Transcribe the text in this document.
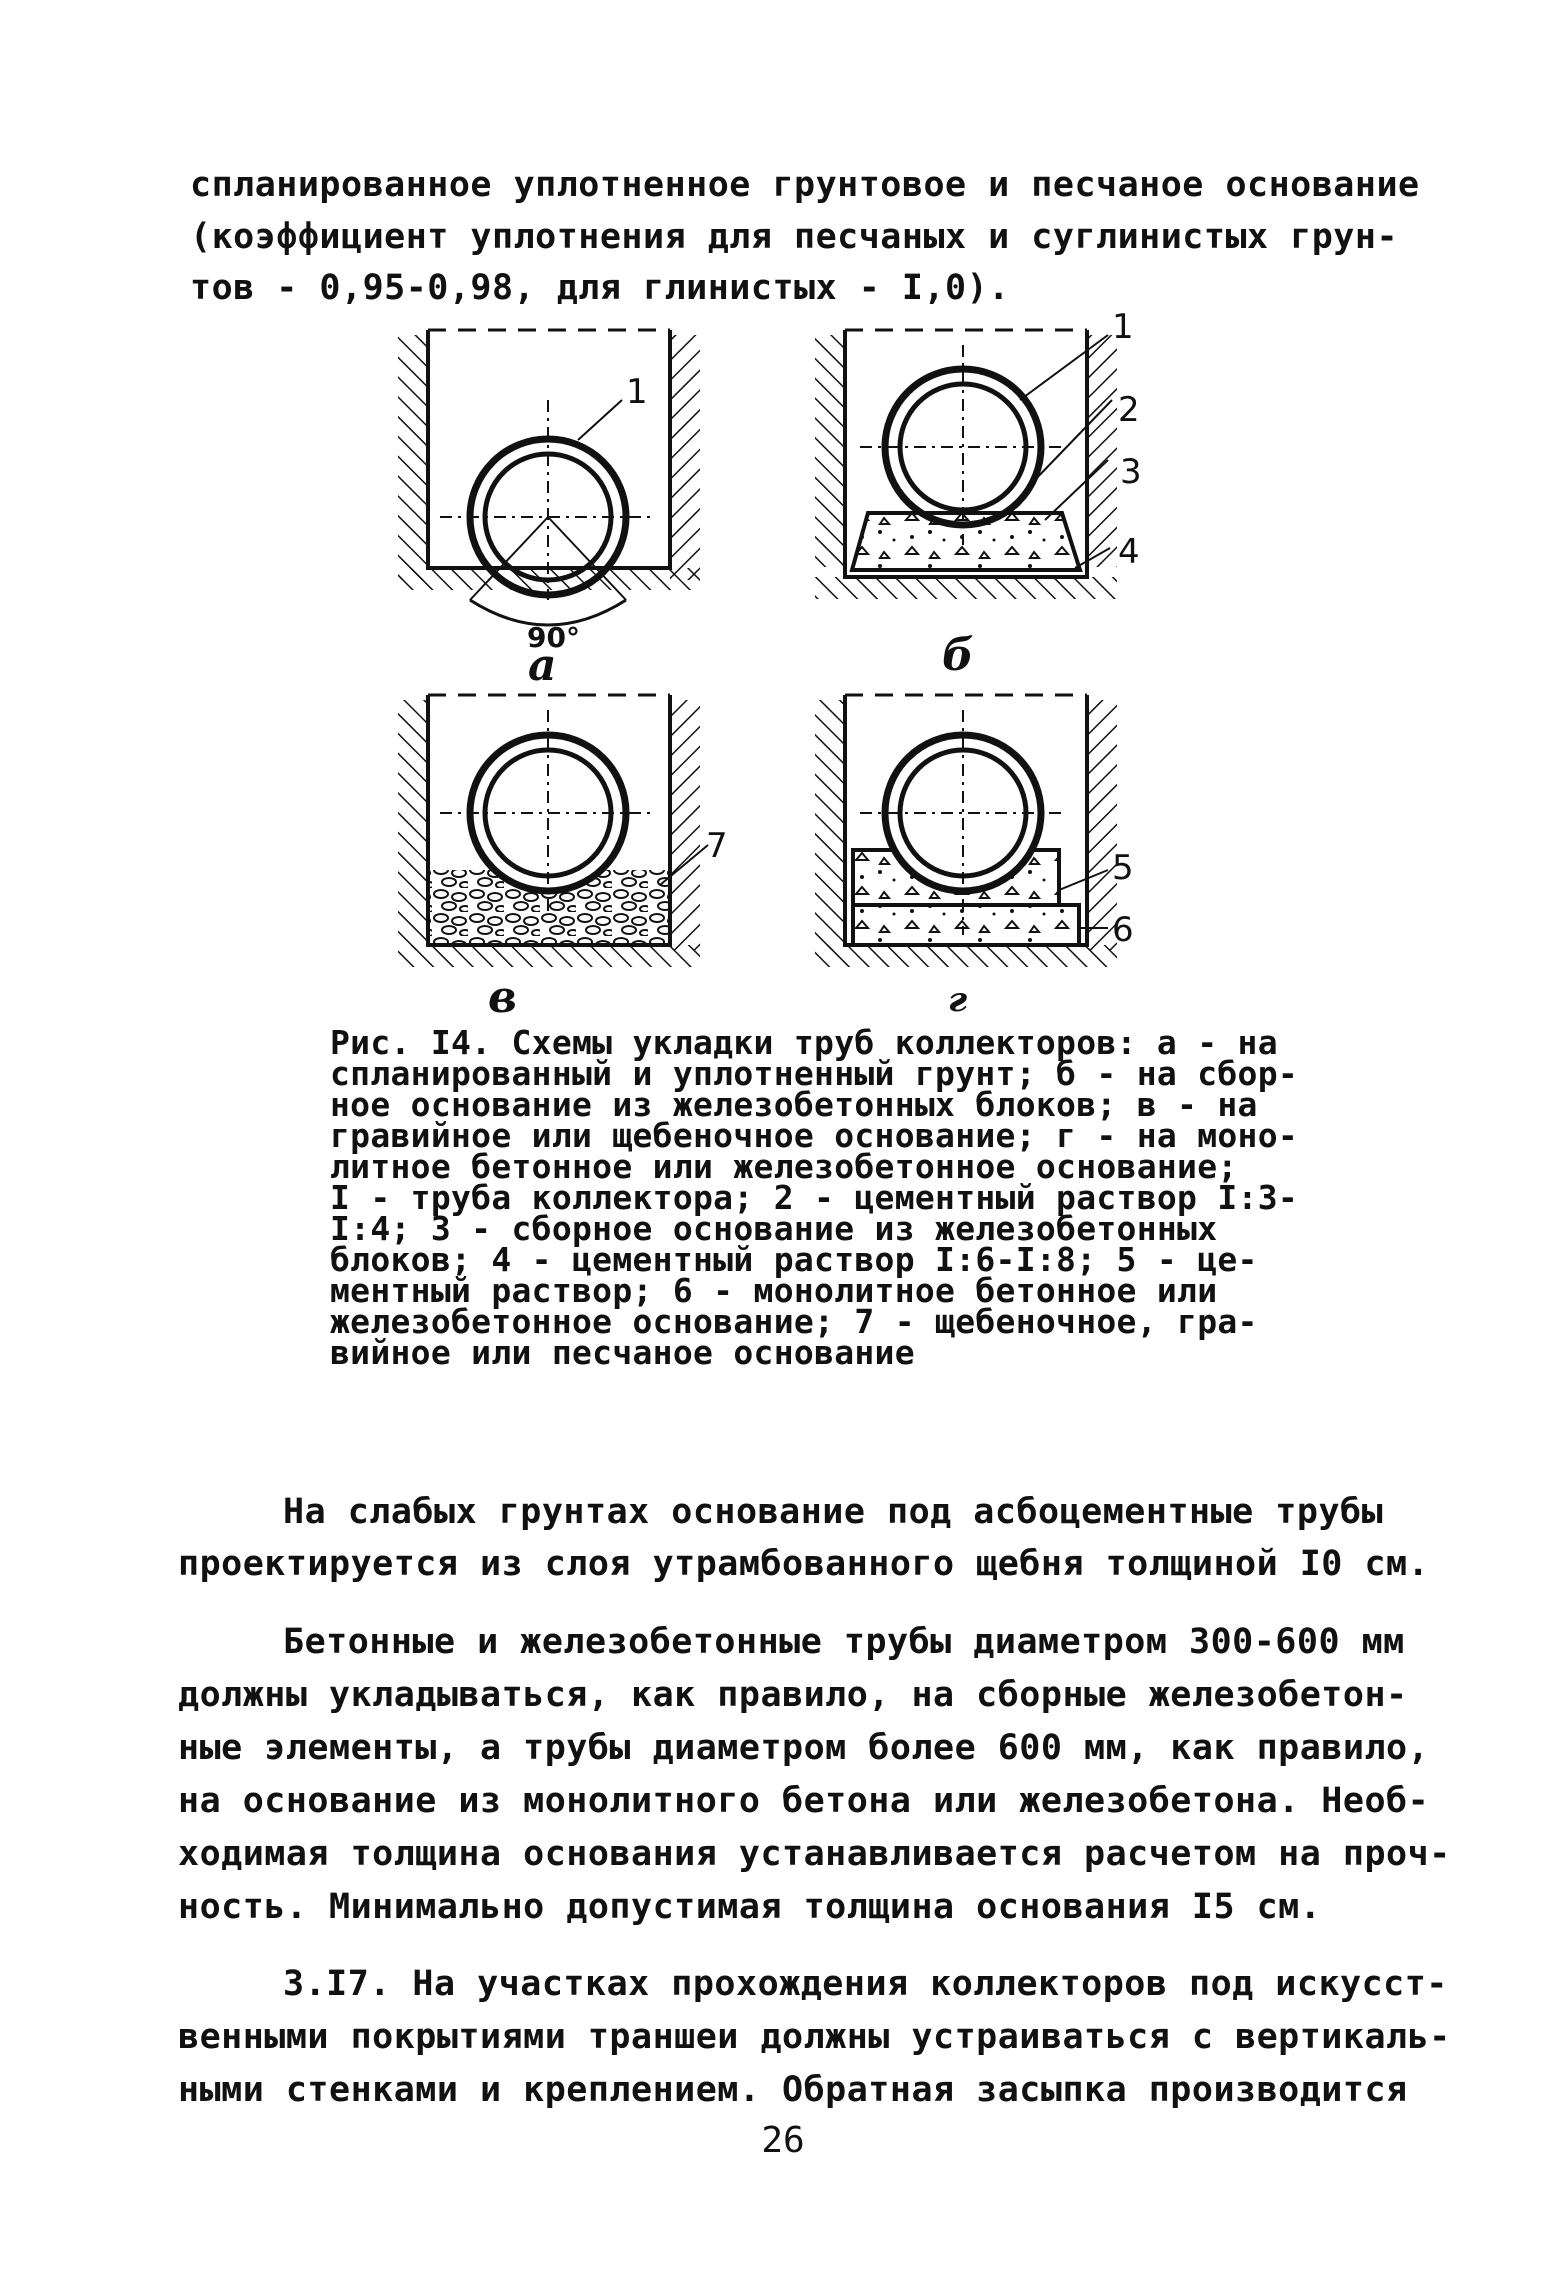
спланированное уплотненное грунтовое и песчаное основание
(коэффициент уплотнения для песчаных и суглинистых грун-
тов - 0,95-0,98, для глинистых - I,0).
90°
1
1
2
3
4
7
5
6
а	б
в	г
Рис. I4. Схемы укладки труб коллекторов: а - на
спланированный и уплотненный грунт; б - на сбор-
ное основание из железобетонных блоков; в - на
гравийное или щебеночное основание; г - на моно-
литное бетонное или железобетонное основание;
I - труба коллектора; 2 - цементный раствор I:3-
I:4; 3 - сборное основание из железобетонных
блоков; 4 - цементный раствор I:6-I:8; 5 - це-
ментный раствор; 6 - монолитное бетонное или
железобетонное основание; 7 - щебеночное, гра-
вийное или песчаное основание
На слабых грунтах основание под асбоцементные трубы
проектируется из слоя утрамбованного щебня толщиной I0 см.
Бетонные и железобетонные трубы диаметром 300-600 мм
должны укладываться, как правило, на сборные железобетон-
ные элементы, а трубы диаметром более 600 мм, как правило,
на основание из монолитного бетона или железобетона. Необ-
ходимая толщина основания устанавливается расчетом на проч-
ность. Минимально допустимая толщина основания I5 см.
3.I7. На участках прохождения коллекторов под искусст-
венными покрытиями траншеи должны устраиваться с вертикаль-
ными стенками и креплением. Обратная засыпка производится
26
